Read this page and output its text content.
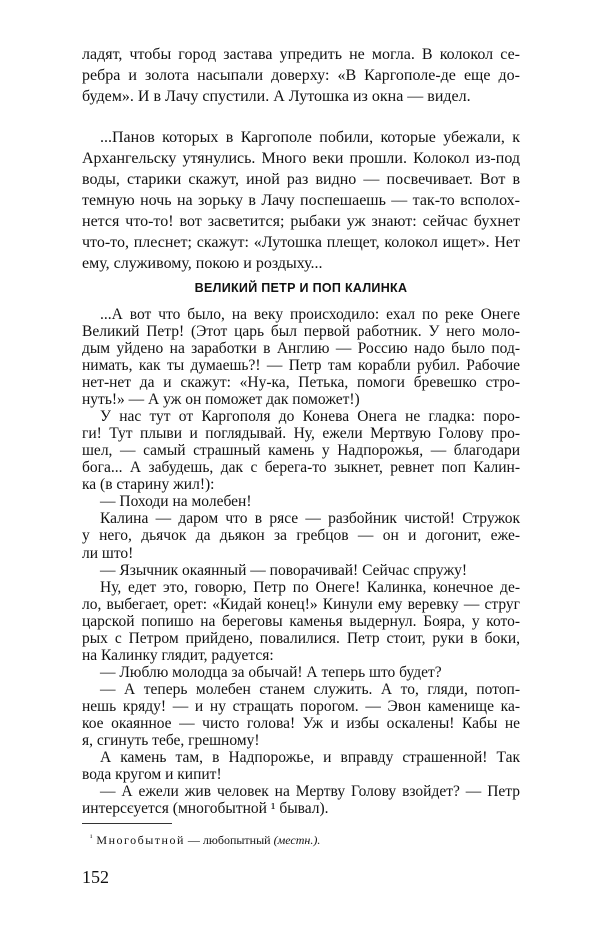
ладят, чтобы город застава упредить не могла. В колокол се-
ребра и золота насыпали доверху: «В Каргополе-де еще до-
будем». И в Лачу спустили. А Лутошка из окна — видел.
...Панов которых в Каргополе побили, которые убежали, к
Архангельску утянулись. Много веки прошли. Колокол из-под
воды, старики скажут, иной раз видно — посвечивает. Вот в
темную ночь на зорьку в Лачу поспешаешь — так-то всполох-
нется что-то! вот засветится; рыбаки уж знают: сейчас бухнет
что-то, плеснет; скажут: «Лутошка плещет, колокол ищет». Нет
ему, служивому, покою и роздыху...
ВЕЛИКИЙ ПЕТР И ПОП КАЛИНКА
...А вот что было, на веку происходило: ехал по реке Онеге
Великий Петр! (Этот царь был первой работник. У него моло-
дым уйдено на заработки в Англию — Россию надо было под-
нимать, как ты думаешь?! — Петр там корабли рубил. Рабочие
нет-нет да и скажут: «Ну-ка, Петька, помоги бревешко стро-
нуть!» — А уж он поможет дак поможет!)
У нас тут от Каргополя до Конева Онега не гладка: поро-
ги! Тут плыви и поглядывай. Ну, ежели Мертвую Голову про-
шел, — самый страшный камень у Надпорожья, — благодари
бога... А забудешь, дак с берега-то зыкнет, ревнет поп Калин-
ка (в старину жил!):
— Походи на молебен!
Калина — даром что в рясе — разбойник чистой! Стружок
у него, дьячок да дьякон за гребцов — он и догонит, еже-
ли што!
— Язычник окаянный — поворачивай! Сейчас спружу!
Ну, едет это, говорю, Петр по Онеге! Калинка, конечное де-
ло, выбегает, орет: «Кидай конец!» Кинули ему веревку — струг
царской попишо на береговы каменья выдернул. Бояра, у кото-
рых с Петром прийдено, повалилися. Петр стоит, руки в боки,
на Калинку глядит, радуется:
— Люблю молодца за обычай! А теперь што будет?
— А теперь молебен станем служить. А то, гляди, потоп-
нешь кряду! — и ну стращать порогом. — Эвон каменище ка-
кое окаянное — чисто голова! Уж и избы оскалены! Кабы не
я, сгинуть тебе, грешному!
А камень там, в Надпорожье, и вправду страшенной! Так
вода кругом и кипит!
— А ежели жив человек на Мертву Голову взойдет? — Петр
интерсєуется (многобытной ¹ бывал).
$^{^1}$ Многобытной — любопытный (местн.).
152
